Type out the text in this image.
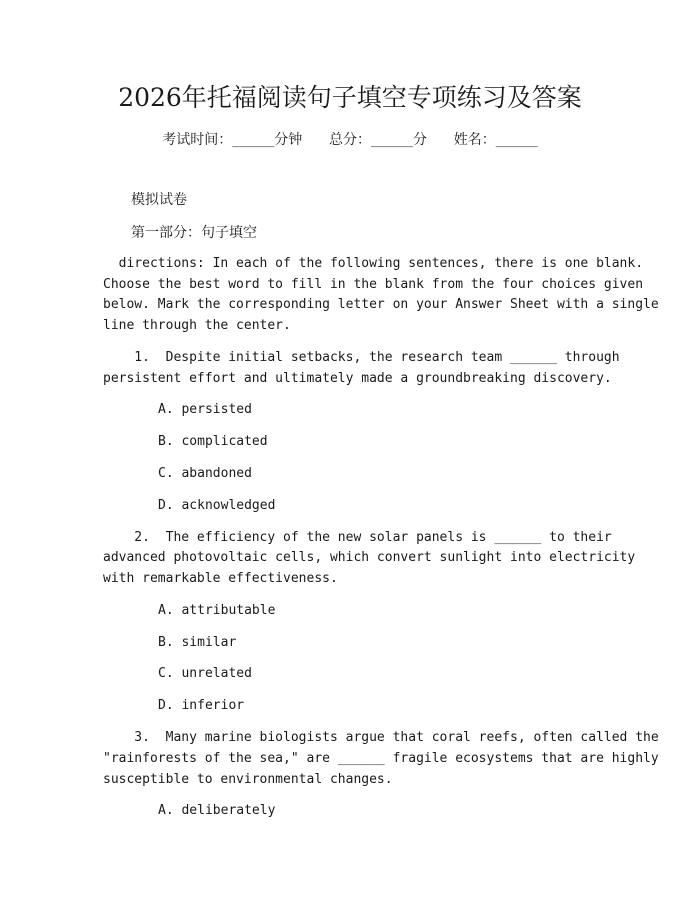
2026年托福阅读句子填空专项练习及答案
考试时间：______分钟      总分：______分      姓名：______
模拟试卷
第一部分：句子填空
directions: In each of the following sentences, there is one blank.
Choose the best word to fill in the blank from the four choices given
below. Mark the corresponding letter on your Answer Sheet with a single
line through the center.
1.  Despite initial setbacks, the research team ______ through
persistent effort and ultimately made a groundbreaking discovery.
A. persisted
B. complicated
C. abandoned
D. acknowledged
2.  The efficiency of the new solar panels is ______ to their
advanced photovoltaic cells, which convert sunlight into electricity
with remarkable effectiveness.
A. attributable
B. similar
C. unrelated
D. inferior
3.  Many marine biologists argue that coral reefs, often called the
"rainforests of the sea," are ______ fragile ecosystems that are highly
susceptible to environmental changes.
A. deliberately
